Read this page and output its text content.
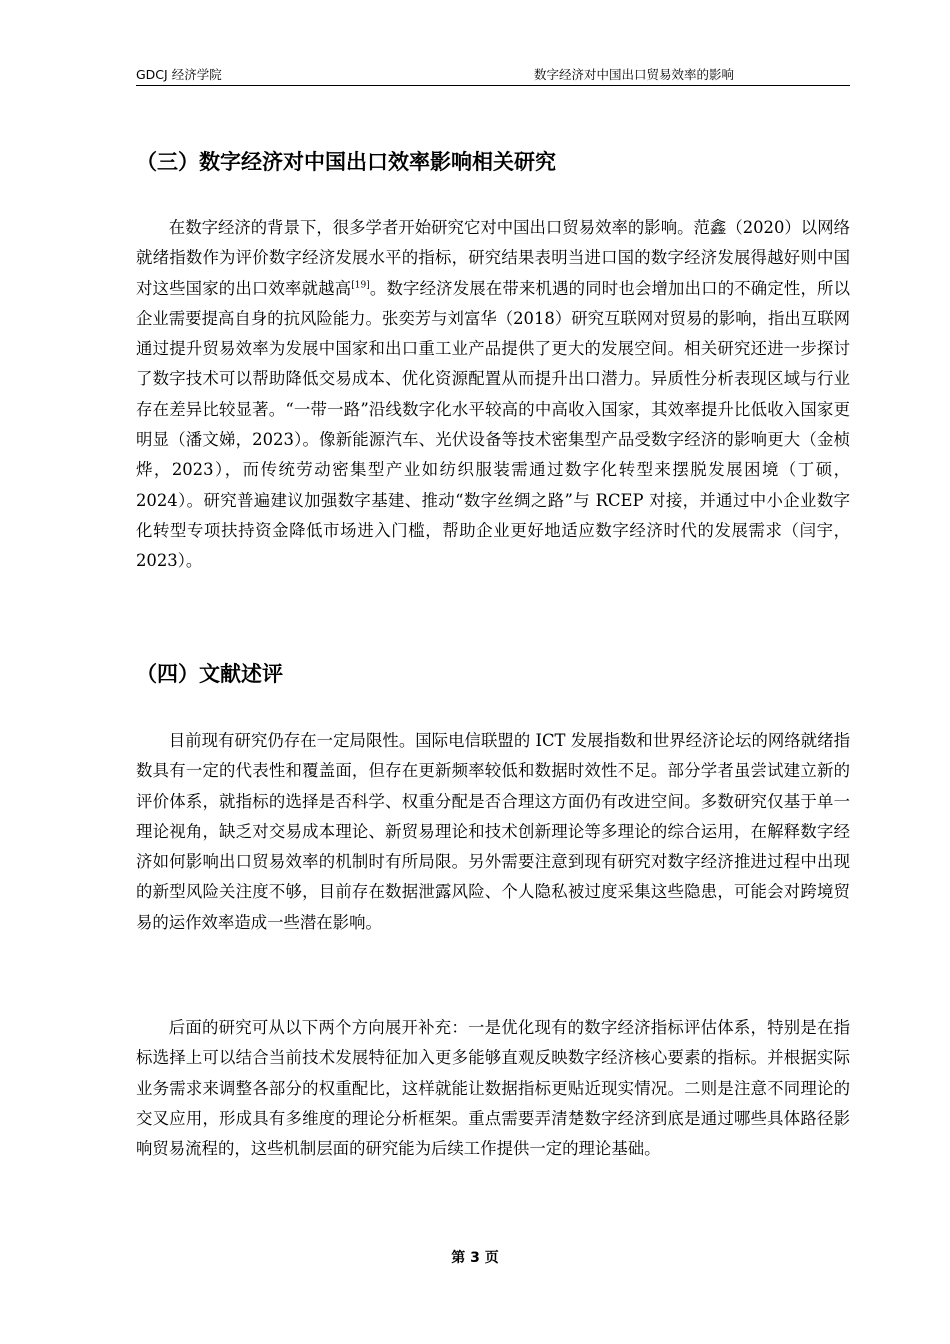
GDCJ 经济学院	数字经济对中国出口贸易效率的影响
（三）数字经济对中国出口效率影响相关研究

在数字经济的背景下，很多学者开始研究它对中国出口贸易效率的影响。范鑫（2020）以网络就绪指数作为评价数字经济发展水平的指标，研究结果表明当进口国的数字经济发展得越好则中国对这些国家的出口效率就越高[19]。数字经济发展在带来机遇的同时也会增加出口的不确定性，所以企业需要提高自身的抗风险能力。张奕芳与刘富华（2018）研究互联网对贸易的影响，指出互联网通过提升贸易效率为发展中国家和出口重工业产品提供了更大的发展空间。相关研究还进一步探讨了数字技术可以帮助降低交易成本、优化资源配置从而提升出口潜力。异质性分析表现区域与行业存在差异比较显著。“一带一路”沿线数字化水平较高的中高收入国家，其效率提升比低收入国家更明显（潘文娣，2023）。像新能源汽车、光伏设备等技术密集型产品受数字经济的影响更大（金桢烨，2023），而传统劳动密集型产业如纺织服装需通过数字化转型来摆脱发展困境（丁硕，2024）。研究普遍建议加强数字基建、推动“数字丝绸之路”与 RCEP 对接，并通过中小企业数字化转型专项扶持资金降低市场进入门槛，帮助企业更好地适应数字经济时代的发展需求（闫宇，2023）。

（四）文献述评

目前现有研究仍存在一定局限性。国际电信联盟的 ICT 发展指数和世界经济论坛的网络就绪指数具有一定的代表性和覆盖面，但存在更新频率较低和数据时效性不足。部分学者虽尝试建立新的评价体系，就指标的选择是否科学、权重分配是否合理这方面仍有改进空间。多数研究仅基于单一理论视角，缺乏对交易成本理论、新贸易理论和技术创新理论等多理论的综合运用，在解释数字经济如何影响出口贸易效率的机制时有所局限。另外需要注意到现有研究对数字经济推进过程中出现的新型风险关注度不够，目前存在数据泄露风险、个人隐私被过度采集这些隐患，可能会对跨境贸易的运作效率造成一些潜在影响。

后面的研究可从以下两个方向展开补充：一是优化现有的数字经济指标评估体系，特别是在指标选择上可以结合当前技术发展特征加入更多能够直观反映数字经济核心要素的指标。并根据实际业务需求来调整各部分的权重配比，这样就能让数据指标更贴近现实情况。二则是注意不同理论的交叉应用，形成具有多维度的理论分析框架。重点需要弄清楚数字经济到底是通过哪些具体路径影响贸易流程的，这些机制层面的研究能为后续工作提供一定的理论基础。

第 3 页
